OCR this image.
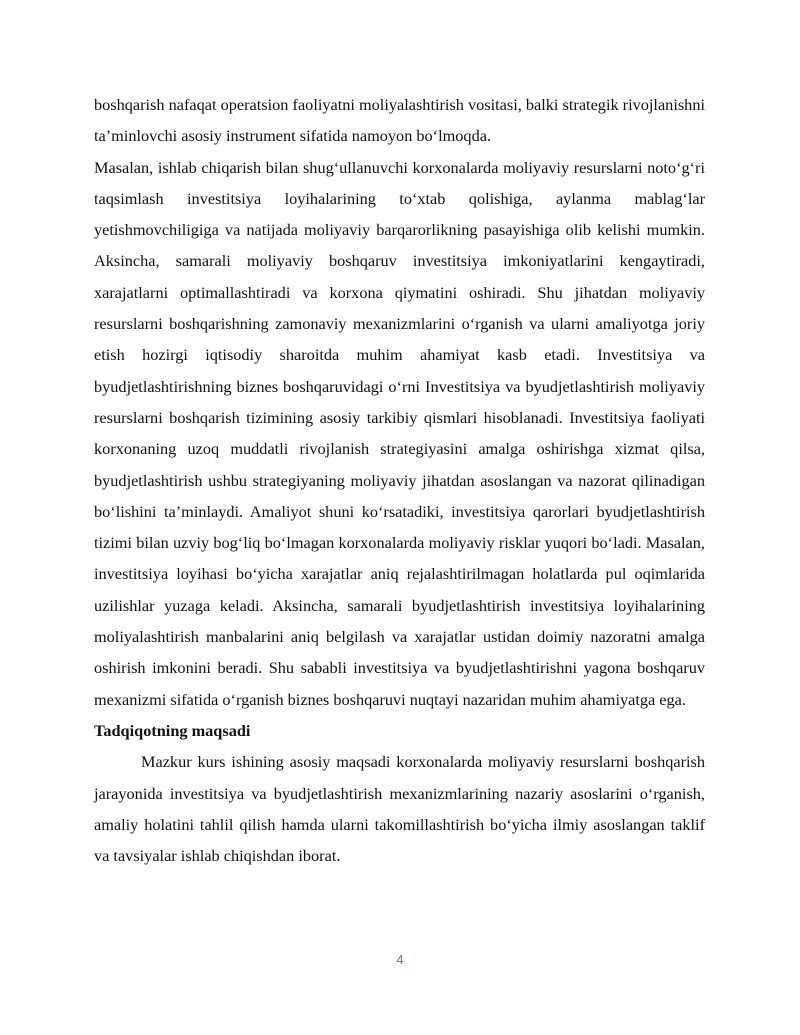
boshqarish nafaqat operatsion faoliyatni moliyalashtirish vositasi, balki strategik rivojlanishni ta’minlovchi asosiy instrument sifatida namoyon bo‘lmoqda.

Masalan, ishlab chiqarish bilan shug‘ullanuvchi korxonalarda moliyaviy resurslarni noto‘g‘ri taqsimlash investitsiya loyihalarining to‘xtab qolishiga, aylanma mablag‘lar yetishmovchiligiga va natijada moliyaviy barqarorlikning pasayishiga olib kelishi mumkin. Aksincha, samarali moliyaviy boshqaruv investitsiya imkoniyatlarini kengaytiradi, xarajatlarni optimallashtiradi va korxona qiymatini oshiradi. Shu jihatdan moliyaviy resurslarni boshqarishning zamonaviy mexanizmlarini o‘rganish va ularni amaliyotga joriy etish hozirgi iqtisodiy sharoitda muhim ahamiyat kasb etadi. Investitsiya va byudjetlashtirishning biznes boshqaruvidagi o‘rni Investitsiya va byudjetlashtirish moliyaviy resurslarni boshqarish tizimining asosiy tarkibiy qismlari hisoblanadi. Investitsiya faoliyati korxonaning uzoq muddatli rivojlanish strategiyasini amalga oshirishga xizmat qilsa, byudjetlashtirish ushbu strategiyaning moliyaviy jihatdan asoslangan va nazorat qilinadigan bo‘lishini ta’minlaydi. Amaliyot shuni ko‘rsatadiki, investitsiya qarorlari byudjetlashtirish tizimi bilan uzviy bog‘liq bo‘lmagan korxonalarda moliyaviy risklar yuqori bo‘ladi. Masalan, investitsiya loyihasi bo‘yicha xarajatlar aniq rejalashtirilmagan holatlarda pul oqimlarida uzilishlar yuzaga keladi. Aksincha, samarali byudjetlashtirish investitsiya loyihalarining moliyalashtirish manbalarini aniq belgilash va xarajatlar ustidan doimiy nazoratni amalga oshirish imkonini beradi. Shu sababli investitsiya va byudjetlashtirishni yagona boshqaruv mexanizmi sifatida o‘rganish biznes boshqaruvi nuqtayi nazaridan muhim ahamiyatga ega.

Tadqiqotning maqsadi

Mazkur kurs ishining asosiy maqsadi korxonalarda moliyaviy resurslarni boshqarish jarayonida investitsiya va byudjetlashtirish mexanizmlarining nazariy asoslarini o‘rganish, amaliy holatini tahlil qilish hamda ularni takomillashtirish bo‘yicha ilmiy asoslangan taklif va tavsiyalar ishlab chiqishdan iborat.

4
